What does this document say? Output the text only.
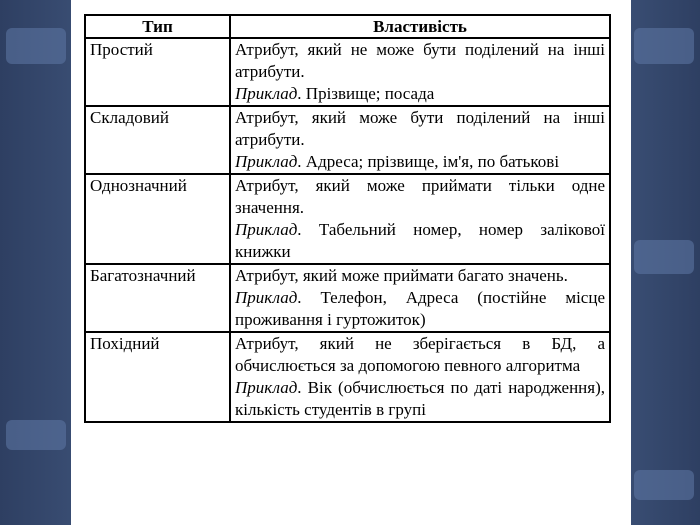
Тип	Властивість
Простий	Атрибут, який не може бути поділений на інші атрибути.
Приклад. Прізвище; посада

Складовий	Атрибут, який може бути поділений на інші атрибути.
Приклад. Адреса; прізвище, ім'я, по батькові

Однозначний	Атрибут, який може приймати тільки одне значення.
Приклад. Табельний номер, номер залікової книжки

Багатозначний	Атрибут, який може приймати багато значень.
Приклад. Телефон, Адреса (постійне місце проживання і гуртожиток)

Похідний	Атрибут, який не зберігається в БД, а обчислюється за допомогою певного алгоритма
Приклад. Вік (обчислюється по даті народження), кількість студентів в групі
